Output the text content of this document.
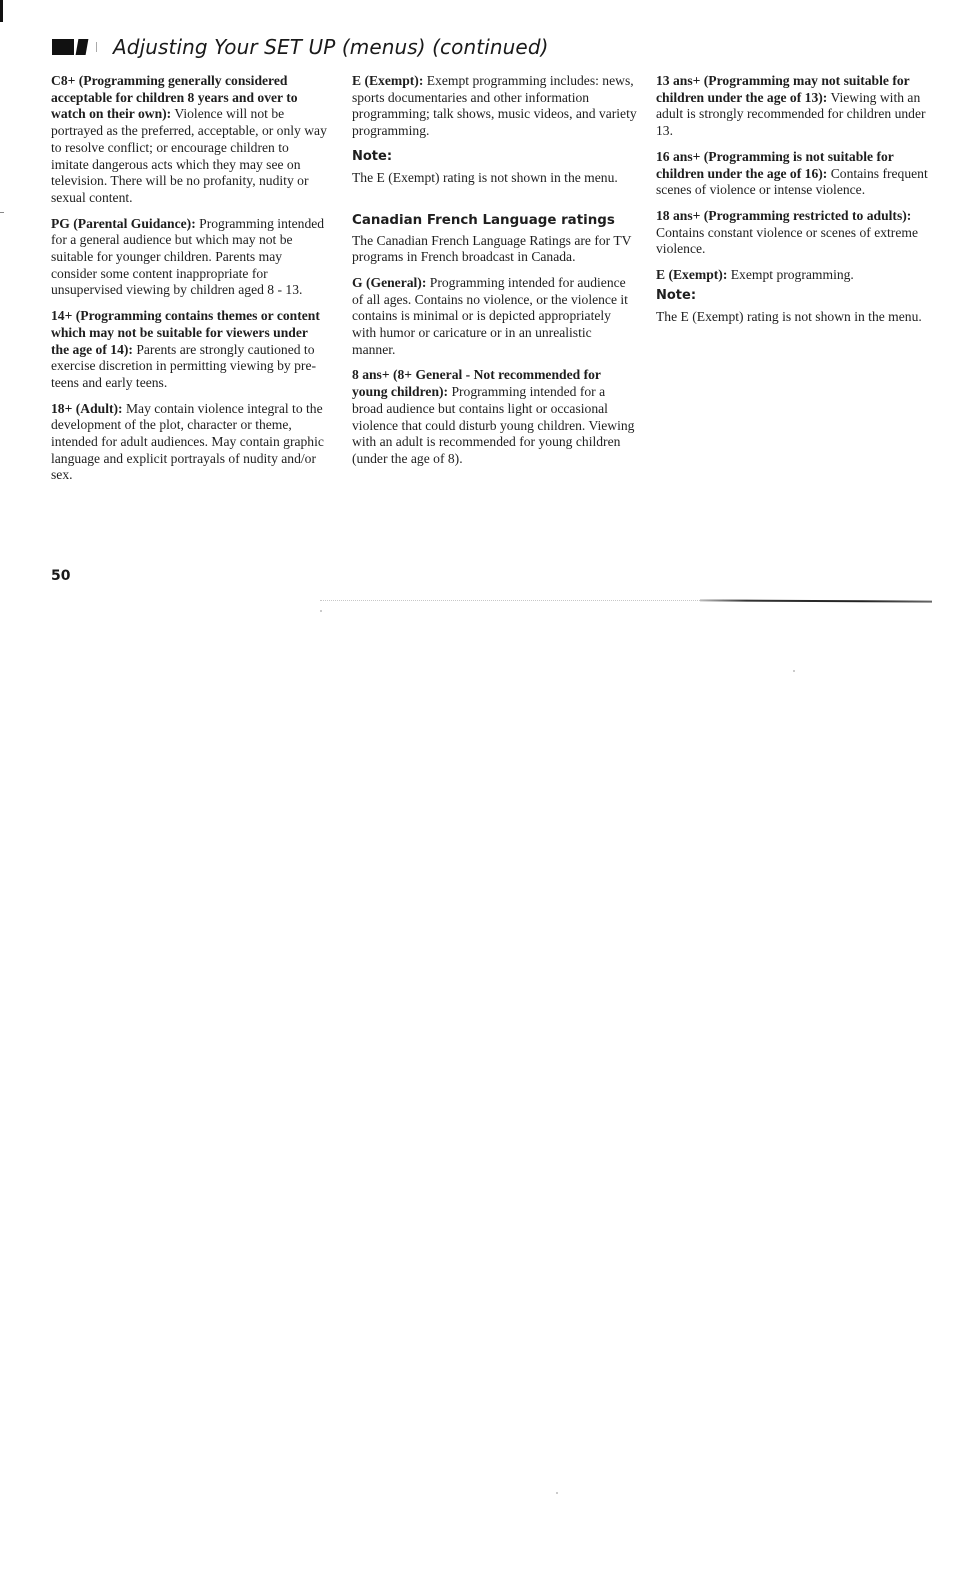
Adjusting Your SET UP (menus) (continued)

C8+ (Programming generally considered acceptable for children 8 years and over to watch on their own): Violence will not be portrayed as the preferred, acceptable, or only way to resolve conflict; or encourage children to imitate dangerous acts which they may see on television. There will be no profanity, nudity or sexual content.

PG (Parental Guidance): Programming intended for a general audience but which may not be suitable for younger children. Parents may consider some content inappropriate for unsupervised viewing by children aged 8 - 13.

14+ (Programming contains themes or content which may not be suitable for viewers under the age of 14): Parents are strongly cautioned to exercise discretion in permitting viewing by pre-teens and early teens.

18+ (Adult): May contain violence integral to the development of the plot, character or theme, intended for adult audiences. May contain graphic language and explicit portrayals of nudity and/or sex.

E (Exempt): Exempt programming includes: news, sports documentaries and other information programming; talk shows, music videos, and variety programming.

Note:

The E (Exempt) rating is not shown in the menu.

Canadian French Language ratings

The Canadian French Language Ratings are for TV programs in French broadcast in Canada.

G (General): Programming intended for audience of all ages. Contains no violence, or the violence it contains is minimal or is depicted appropriately with humor or caricature or in an unrealistic manner.

8 ans+ (8+ General - Not recommended for young children): Programming intended for a broad audience but contains light or occasional violence that could disturb young children. Viewing with an adult is recommended for young children (under the age of 8).

13 ans+ (Programming may not suitable for children under the age of 13): Viewing with an adult is strongly recommended for children under 13.

16 ans+ (Programming is not suitable for children under the age of 16): Contains frequent scenes of violence or intense violence.

18 ans+ (Programming restricted to adults): Contains constant violence or scenes of extreme violence.

E (Exempt): Exempt programming.

Note:

The E (Exempt) rating is not shown in the menu.

50
